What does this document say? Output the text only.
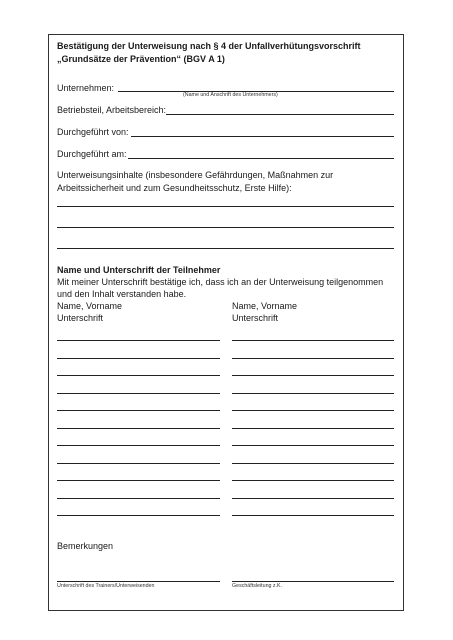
Bestätigung der Unterweisung nach § 4 der Unfallverhütungsvorschrift
„Grundsätze der Prävention“ (BGV A 1)
Unternehmen:
(Name und Anschrift des Unternehmers)
Betriebsteil, Arbeitsbereich:
Durchgeführt von:
Durchgeführt am:
Unterweisungsinhalte (insbesondere Gefährdungen, Maßnahmen zur
Arbeitssicherheit und zum Gesundheitsschutz, Erste Hilfe):
Name und Unterschrift der Teilnehmer
Mit meiner Unterschrift bestätige ich, dass ich an der Unterweisung teilgenommen
und den Inhalt verstanden habe.
Name, Vorname
Unterschrift
Name, Vorname
Unterschrift
Bemerkungen
Unterschrift des Trainers/Unterweisenden	Geschäftsleitung z.K.
